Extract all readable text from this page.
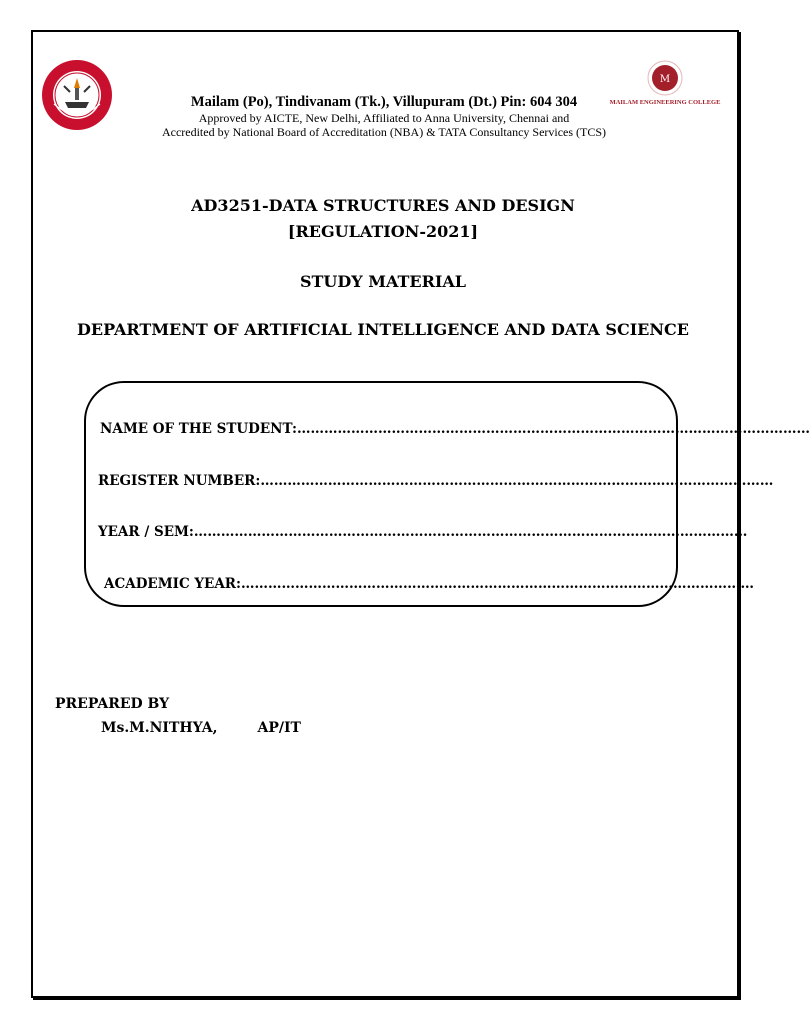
M
MAILAM ENGINEERING COLLEGE
Mailam (Po), Tindivanam (Tk.), Villupuram (Dt.) Pin: 604 304
Approved by AICTE, New Delhi, Affiliated to Anna University, Chennai and
Accredited by National Board of Accreditation (NBA) & TATA Consultancy Services (TCS)
AD3251-DATA STRUCTURES AND DESIGN
[REGULATION-2021]
STUDY MATERIAL
DEPARTMENT OF ARTIFICIAL INTELLIGENCE AND DATA SCIENCE
NAME OF THE STUDENT:……………………………………………………………………………………………………
REGISTER NUMBER:……………………………………………………………………………………………………
YEAR / SEM:……………………………………………………………………………………………………………
ACADEMIC YEAR:……………………………………………………………………………………………………
PREPARED BY
Ms.M.NITHYA,	AP/IT
